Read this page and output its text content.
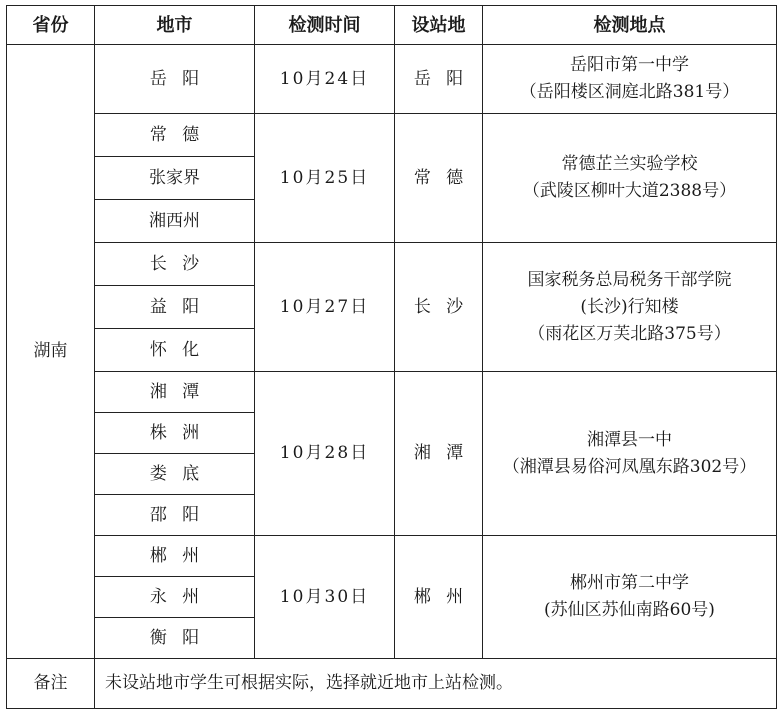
省份	地市	检测时间	设站地	检测地点
湖南	岳阳	10月24日	岳阳	岳阳市第一中学
（岳阳楼区洞庭北路381号）

	常德	10月25日	常德	常德芷兰实验学校
（武陵区柳叶大道2388号）

	张家界			
	湘西州			
	长沙	10月27日	长沙	国家税务总局税务干部学院
(长沙)行知楼
（雨花区万芙北路375号）

	益阳			
	怀化			
	湘潭	10月28日	湘潭	湘潭县一中
（湘潭县易俗河凤凰东路302号）

	株洲			
	娄底			
	邵阳			
	郴州	10月30日	郴州	郴州市第二中学
(苏仙区苏仙南路60号)

	永州			
	衡阳			
备注	未设站地市学生可根据实际，选择就近地市上站检测。			
